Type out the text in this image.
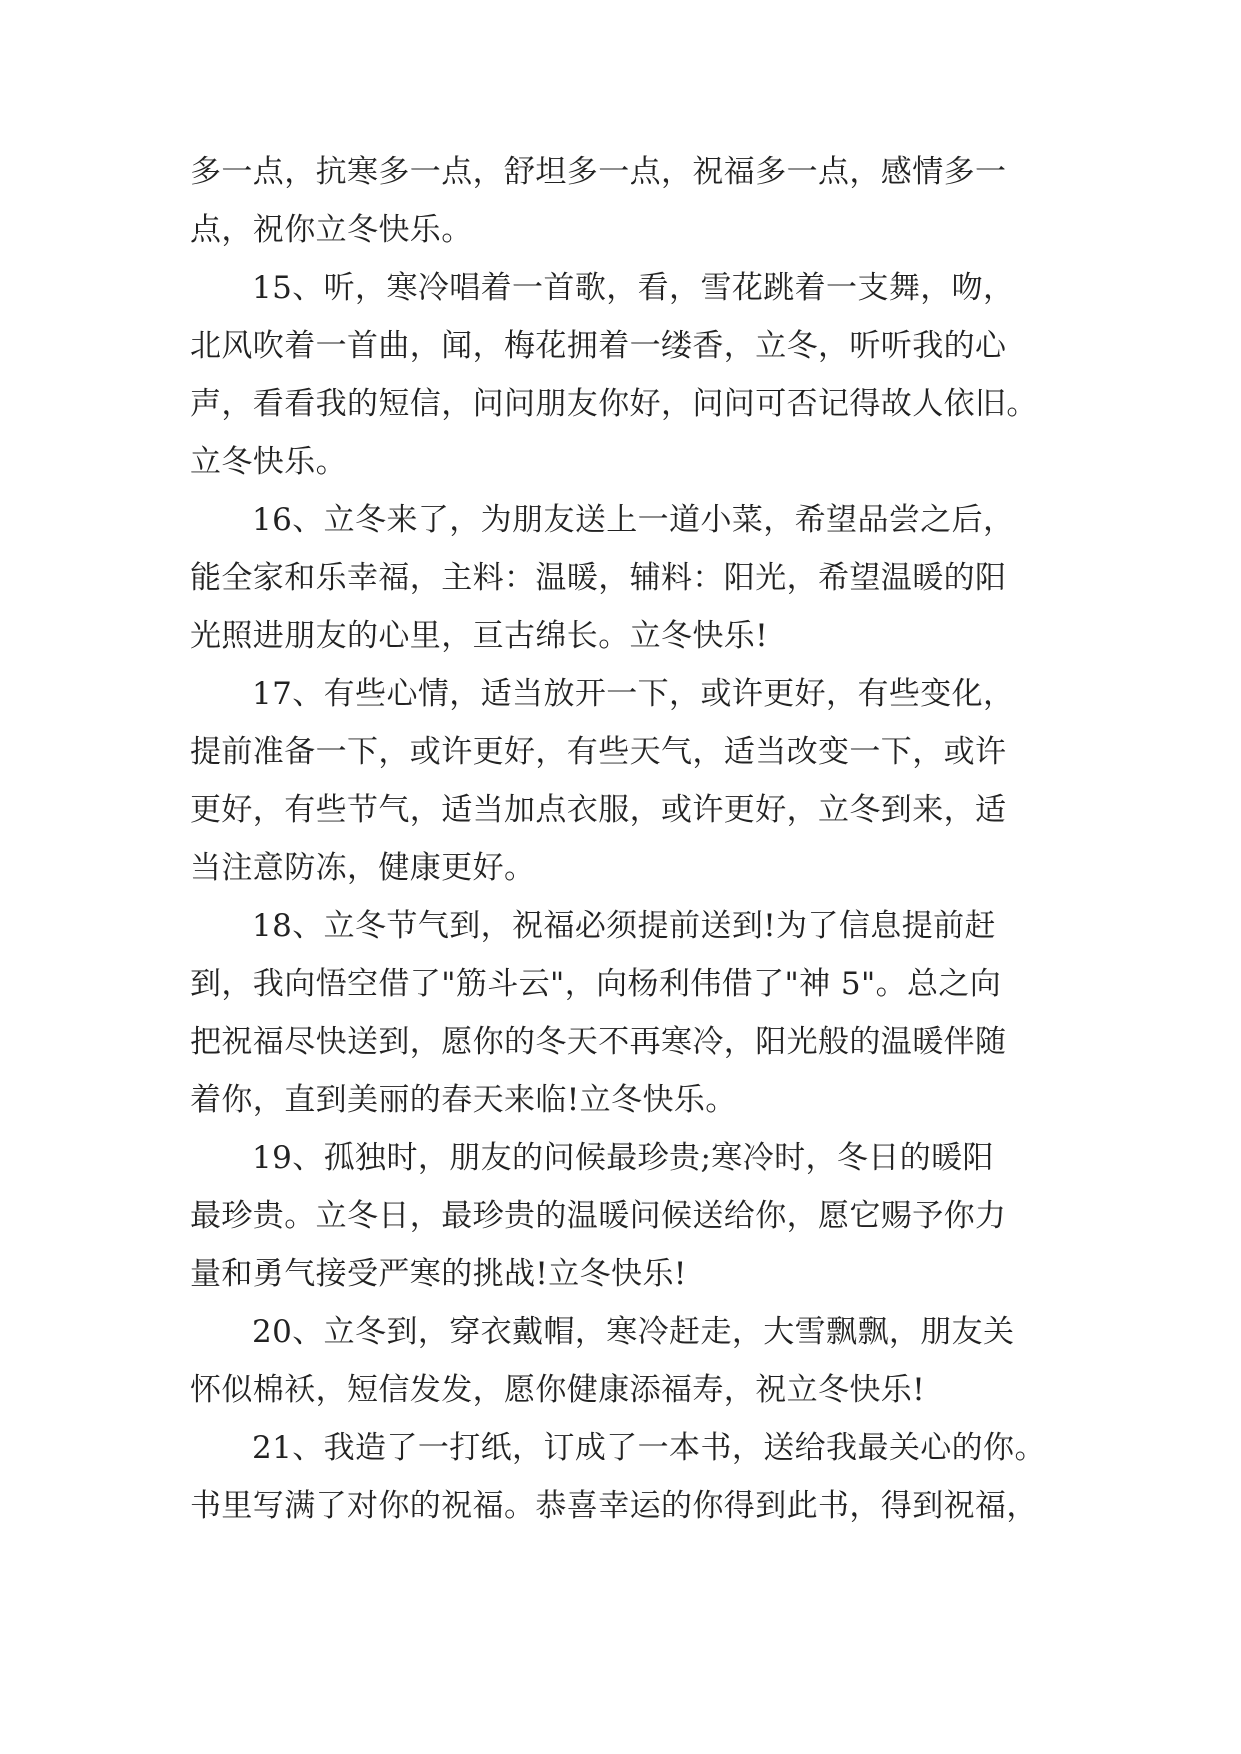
多一点，抗寒多一点，舒坦多一点，祝福多一点，感情多一
点，祝你立冬快乐。
15、听，寒冷唱着一首歌，看，雪花跳着一支舞，吻，
北风吹着一首曲，闻，梅花拥着一缕香，立冬，听听我的心
声，看看我的短信，问问朋友你好，问问可否记得故人依旧。
立冬快乐。
16、立冬来了，为朋友送上一道小菜，希望品尝之后，
能全家和乐幸福，主料：温暖，辅料：阳光，希望温暖的阳
光照进朋友的心里，亘古绵长。立冬快乐!
17、有些心情，适当放开一下，或许更好，有些变化，
提前准备一下，或许更好，有些天气，适当改变一下，或许
更好，有些节气，适当加点衣服，或许更好，立冬到来，适
当注意防冻，健康更好。
18、立冬节气到，祝福必须提前送到!为了信息提前赶
到，我向悟空借了"筋斗云"，向杨利伟借了"神 5"。总之向
把祝福尽快送到，愿你的冬天不再寒冷，阳光般的温暖伴随
着你，直到美丽的春天来临!立冬快乐。
19、孤独时，朋友的问候最珍贵;寒冷时，冬日的暖阳
最珍贵。立冬日，最珍贵的温暖问候送给你，愿它赐予你力
量和勇气接受严寒的挑战!立冬快乐!
20、立冬到，穿衣戴帽，寒冷赶走，大雪飘飘，朋友关
怀似棉袄，短信发发，愿你健康添福寿，祝立冬快乐!
21、我造了一打纸，订成了一本书，送给我最关心的你。
书里写满了对你的祝福。恭喜幸运的你得到此书，得到祝福，
